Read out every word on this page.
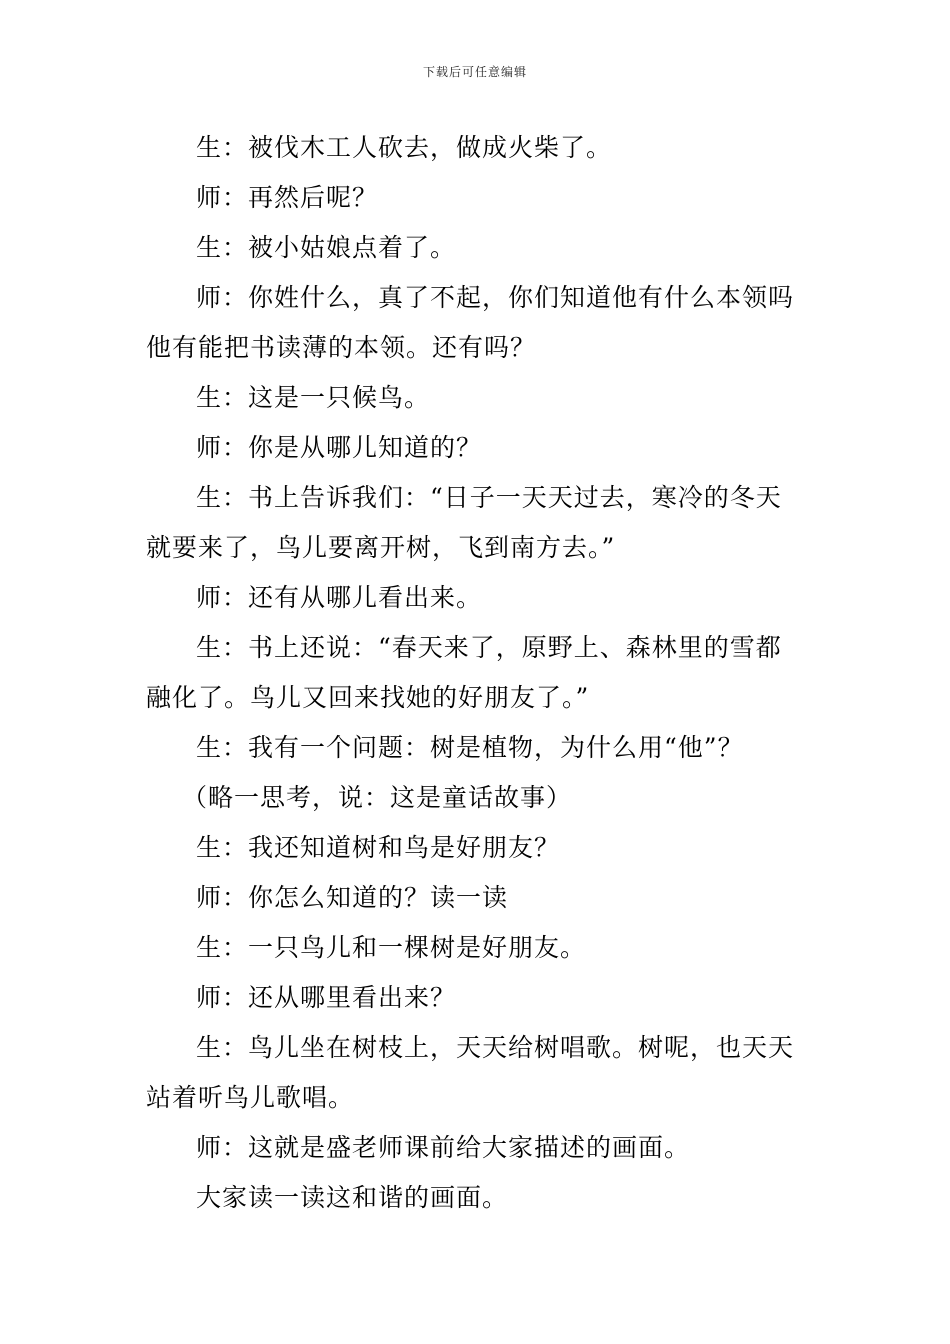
下载后可任意编辑
生：被伐木工人砍去，做成火柴了。
师：再然后呢？
生：被小姑娘点着了。
师：你姓什么，真了不起，你们知道他有什么本领吗
他有能把书读薄的本领。还有吗？
生：这是一只候鸟。
师：你是从哪儿知道的？
生：书上告诉我们：“日子一天天过去，寒冷的冬天
就要来了，鸟儿要离开树，飞到南方去。”
师：还有从哪儿看出来。
生：书上还说：“春天来了，原野上、森林里的雪都
融化了。鸟儿又回来找她的好朋友了。”
生：我有一个问题：树是植物，为什么用“他”？
（略一思考，说：这是童话故事）
生：我还知道树和鸟是好朋友？
师：你怎么知道的？读一读
生：一只鸟儿和一棵树是好朋友。
师：还从哪里看出来？
生：鸟儿坐在树枝上，天天给树唱歌。树呢，也天天
站着听鸟儿歌唱。
师：这就是盛老师课前给大家描述的画面。
大家读一读这和谐的画面。
